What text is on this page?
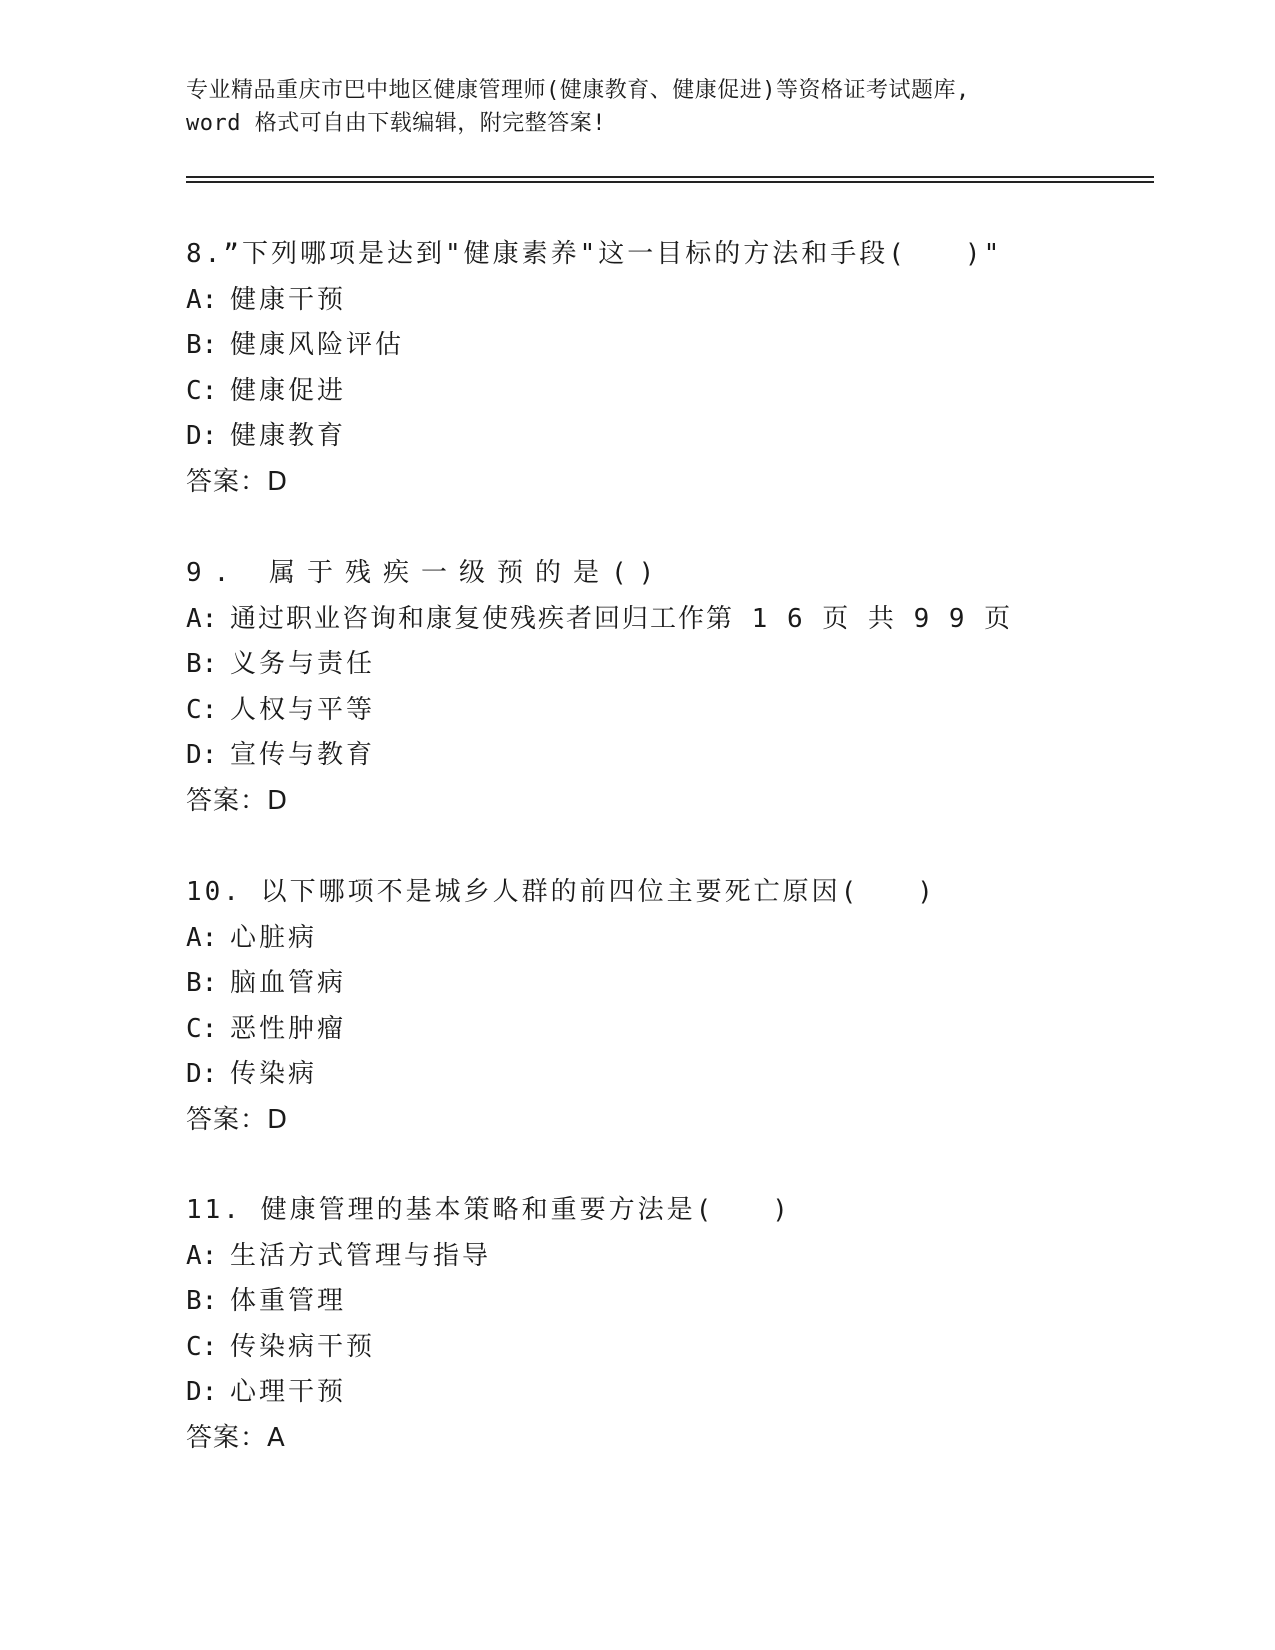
专业精品重庆市巴中地区健康管理师(健康教育、健康促进)等资格证考试题库,
word 格式可自由下载编辑，附完整答案!
8.”下列哪项是达到"健康素养"这一目标的方法和手段(　　)"
A: 健康干预
B: 健康风险评估
C: 健康促进
D: 健康教育
答案：D
9. 属于残疾一级预的是()
A: 通过职业咨询和康复使残疾者回归工作第 1 6 页 共 9 9 页
B: 义务与责任
C: 人权与平等
D: 宣传与教育
答案：D
10. 以下哪项不是城乡人群的前四位主要死亡原因(　　)
A: 心脏病
B: 脑血管病
C: 恶性肿瘤
D: 传染病
答案：D
11. 健康管理的基本策略和重要方法是(　　)
A: 生活方式管理与指导
B: 体重管理
C: 传染病干预
D: 心理干预
答案：A
